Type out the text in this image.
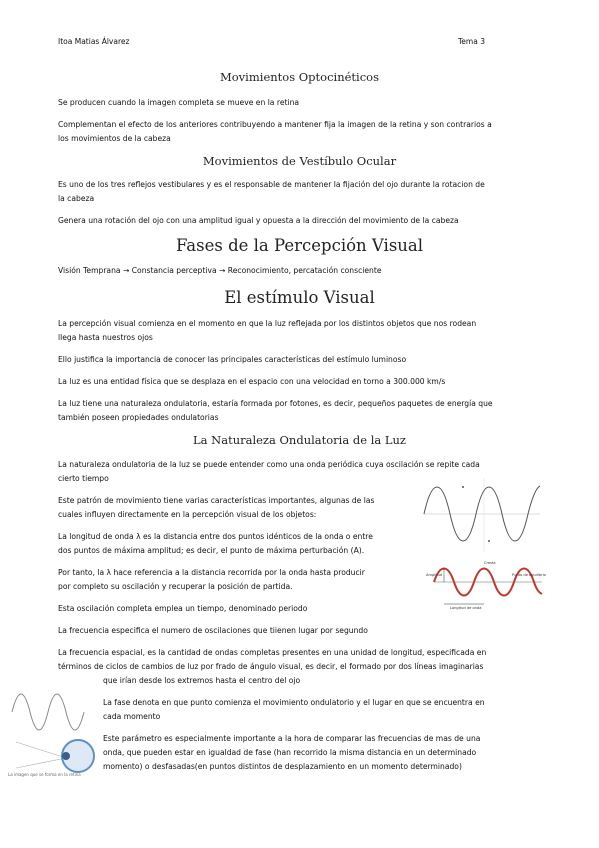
Itoa Matias Álvarez	Tema 3
Movimientos Optocinéticos
Se producen cuando la imagen completa se mueve en la retina
Complementan el efecto de los anteriores contribuyendo a mantener fija la imagen de la retina y son contrarios a
los movimientos de la cabeza
Movimientos de Vestíbulo Ocular
Es uno de los tres reflejos vestibulares y es el responsable de mantener la fijación del ojo durante la rotacion de
la cabeza
Genera una rotación del ojo con una amplitud igual y opuesta a la dirección del movimiento de la cabeza
Fases de la Percepción Visual
Visión Temprana → Constancia perceptiva → Reconocimiento, percatación consciente
El estímulo Visual
La percepción visual comienza en el momento en que la luz reflejada por los distintos objetos que nos rodean
llega hasta nuestros ojos
Ello justifica la importancia de conocer las principales características del estímulo luminoso
La luz es una entidad física que se desplaza en el espacio con una velocidad en torno a 300.000 km/s
La luz tiene una naturaleza ondulatoria, estaría formada por fotones, es decir, pequeños paquetes de energía que
también poseen propiedades ondulatorias
La Naturaleza Ondulatoria de la Luz
La naturaleza ondulatoria de la luz se puede entender como una onda periódica cuya oscilación se repite cada
cierto tiempo
Este patrón de movimiento tiene varias características importantes, algunas de las
cuales influyen directamente en la percepción visual de los objetos:
La longitud de onda λ es la distancia entre dos puntos idénticos de la onda o entre
dos puntos de máxima amplitud; es decir, el punto de máxima perturbación (A).
Por tanto, la λ hace referencia a la distancia recorrida por la onda hasta producir
por completo su oscilación y recuperar la posición de partida.
Esta oscilación completa emplea un tiempo, denominado periodo
La frecuencia especifica el numero de oscilaciones que tiienen lugar por segundo
La frecuencia espacial, es la cantidad de ondas completas presentes en una unidad de longitud, especificada en
términos de ciclos de cambios de luz por frado de ángulo visual, es decir, el formado por dos líneas imaginarias
que irían desde los extremos hasta el centro del ojo
La fase denota en que punto comienza el movimiento ondulatorio y el lugar en que se encuentra en
cada momento
Este parámetro es especialmente importante a la hora de comparar las frecuencias de mas de una
onda, que pueden estar en igualdad de fase (han recorrido la misma distancia en un determinado
momento) o desfasadas(en puntos distintos de desplazamiento en un momento determinado)
Cresta
Amplitud	Punto de equilibrio
Longitud de onda
La imagen que se forma en la retina
